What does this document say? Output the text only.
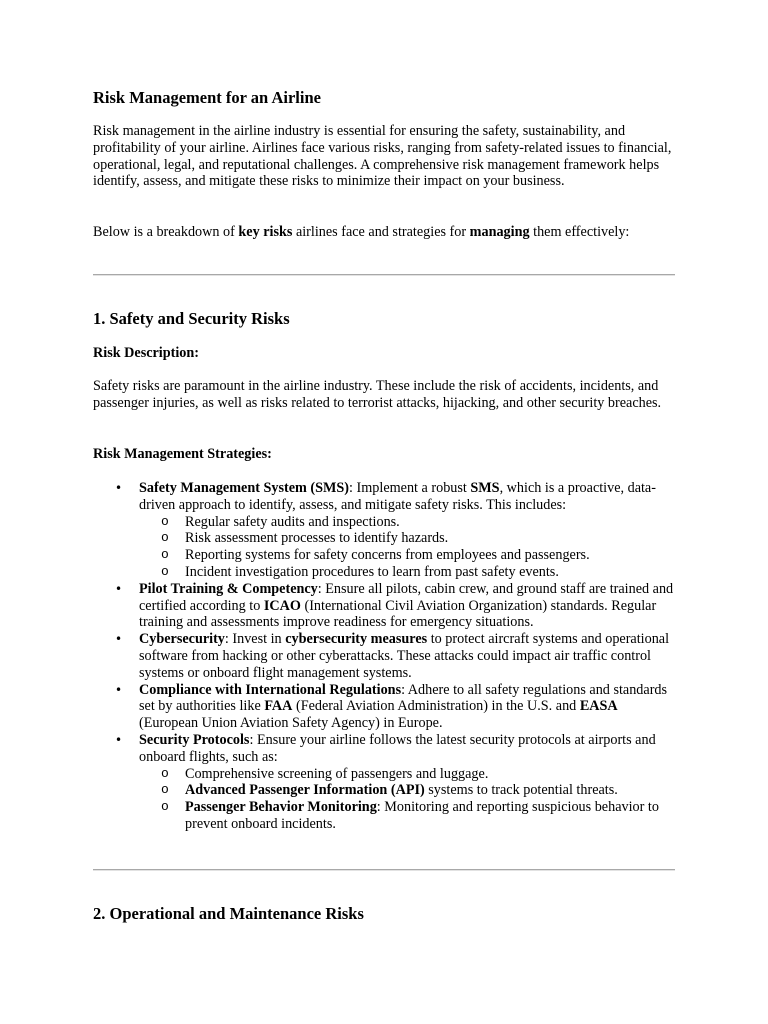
Risk Management for an Airline

Risk management in the airline industry is essential for ensuring the safety, sustainability, and profitability of your airline. Airlines face various risks, ranging from safety-related issues to financial, operational, legal, and reputational challenges. A comprehensive risk management framework helps identify, assess, and mitigate these risks to minimize their impact on your business.

Below is a breakdown of key risks airlines face and strategies for managing them effectively:

1. Safety and Security Risks

Risk Description:

Safety risks are paramount in the airline industry. These include the risk of accidents, incidents, and passenger injuries, as well as risks related to terrorist attacks, hijacking, and other security breaches.

Risk Management Strategies:

• Safety Management System (SMS): Implement a robust SMS, which is a proactive, data-driven approach to identify, assess, and mitigate safety risks. This includes:
o Regular safety audits and inspections.
o Risk assessment processes to identify hazards.
o Reporting systems for safety concerns from employees and passengers.
o Incident investigation procedures to learn from past safety events.
• Pilot Training & Competency: Ensure all pilots, cabin crew, and ground staff are trained and certified according to ICAO (International Civil Aviation Organization) standards. Regular training and assessments improve readiness for emergency situations.
• Cybersecurity: Invest in cybersecurity measures to protect aircraft systems and operational software from hacking or other cyberattacks. These attacks could impact air traffic control systems or onboard flight management systems.
• Compliance with International Regulations: Adhere to all safety regulations and standards set by authorities like FAA (Federal Aviation Administration) in the U.S. and EASA (European Union Aviation Safety Agency) in Europe.
• Security Protocols: Ensure your airline follows the latest security protocols at airports and onboard flights, such as:
o Comprehensive screening of passengers and luggage.
o Advanced Passenger Information (API) systems to track potential threats.
o Passenger Behavior Monitoring: Monitoring and reporting suspicious behavior to prevent onboard incidents.
2. Operational and Maintenance Risks
